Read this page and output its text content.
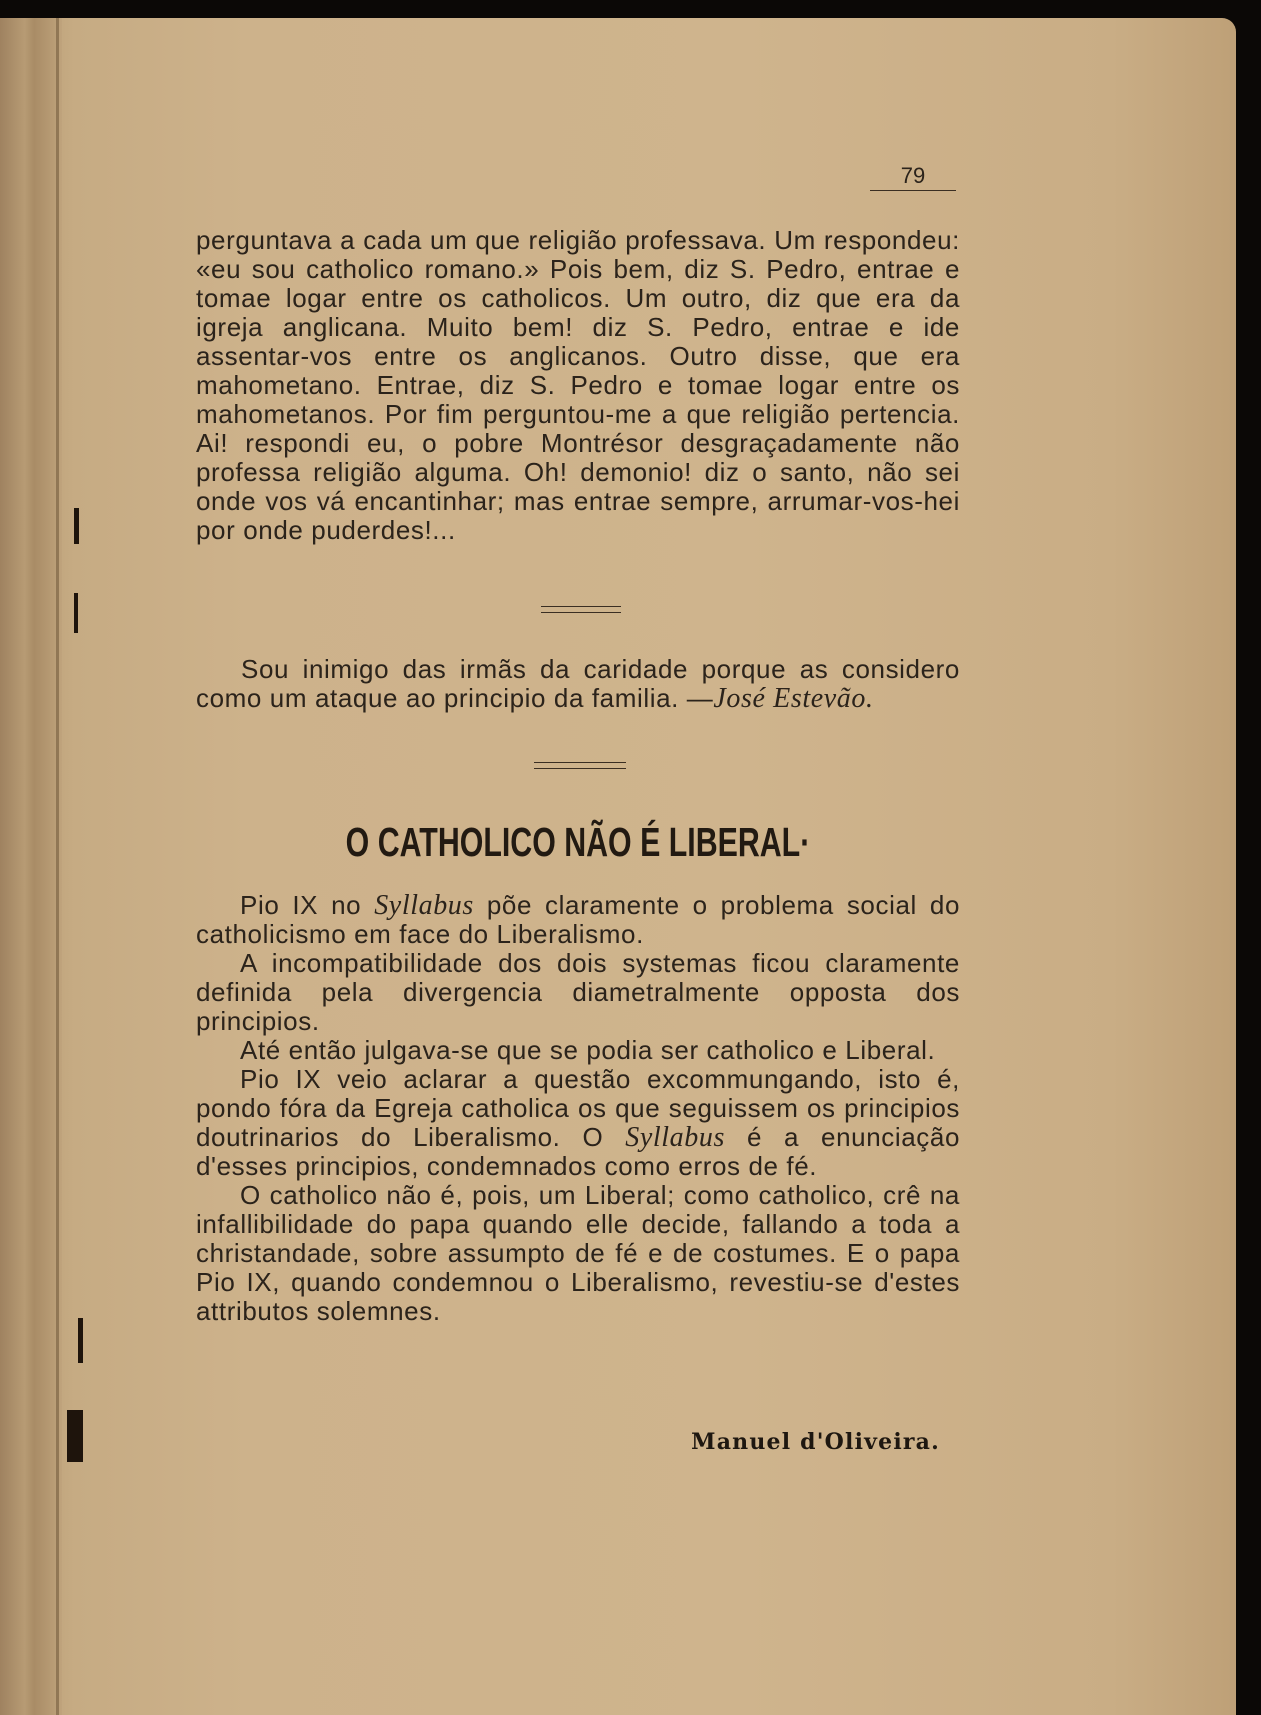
79
perguntava a cada um que religião professava. Um respondeu: «eu sou catholico romano.» Pois bem, diz S. Pedro, entrae e tomae logar entre os catholicos. Um outro, diz que era da igreja anglicana. Muito bem! diz S. Pedro, entrae e ide assentar-vos entre os anglicanos. Outro disse, que era mahometano. Entrae, diz S. Pedro e tomae logar entre os mahometanos. Por fim perguntou-me a que religião pertencia. Ai! respondi eu, o pobre Montrésor desgraçadamente não professa religião alguma. Oh! demonio! diz o santo, não sei onde vos vá encantinhar; mas entrae sempre, arrumar-vos-hei por onde puderdes!...

Sou inimigo das irmãs da caridade porque as considero como um ataque ao principio da familia. —José Estevão.

O CATHOLICO NÃO É LIBERAL·

Pio IX no Syllabus põe claramente o problema social do catholicismo em face do Liberalismo.

A incompatibilidade dos dois systemas ficou claramente definida pela divergencia diametralmente opposta dos principios.

Até então julgava-se que se podia ser catholico e Liberal.

Pio IX veio aclarar a questão excommungando, isto é, pondo fóra da Egreja catholica os que seguissem os principios doutrinarios do Liberalismo. O Syllabus é a enunciação d'esses principios, condemnados como erros de fé.

O catholico não é, pois, um Liberal; como catholico, crê na infallibilidade do papa quando elle decide, fallando a toda a christandade, sobre assumpto de fé e de costumes. E o papa Pio IX, quando condemnou o Liberalismo, revestiu-se d'estes attributos solemnes.

Manuel d'Oliveira.
